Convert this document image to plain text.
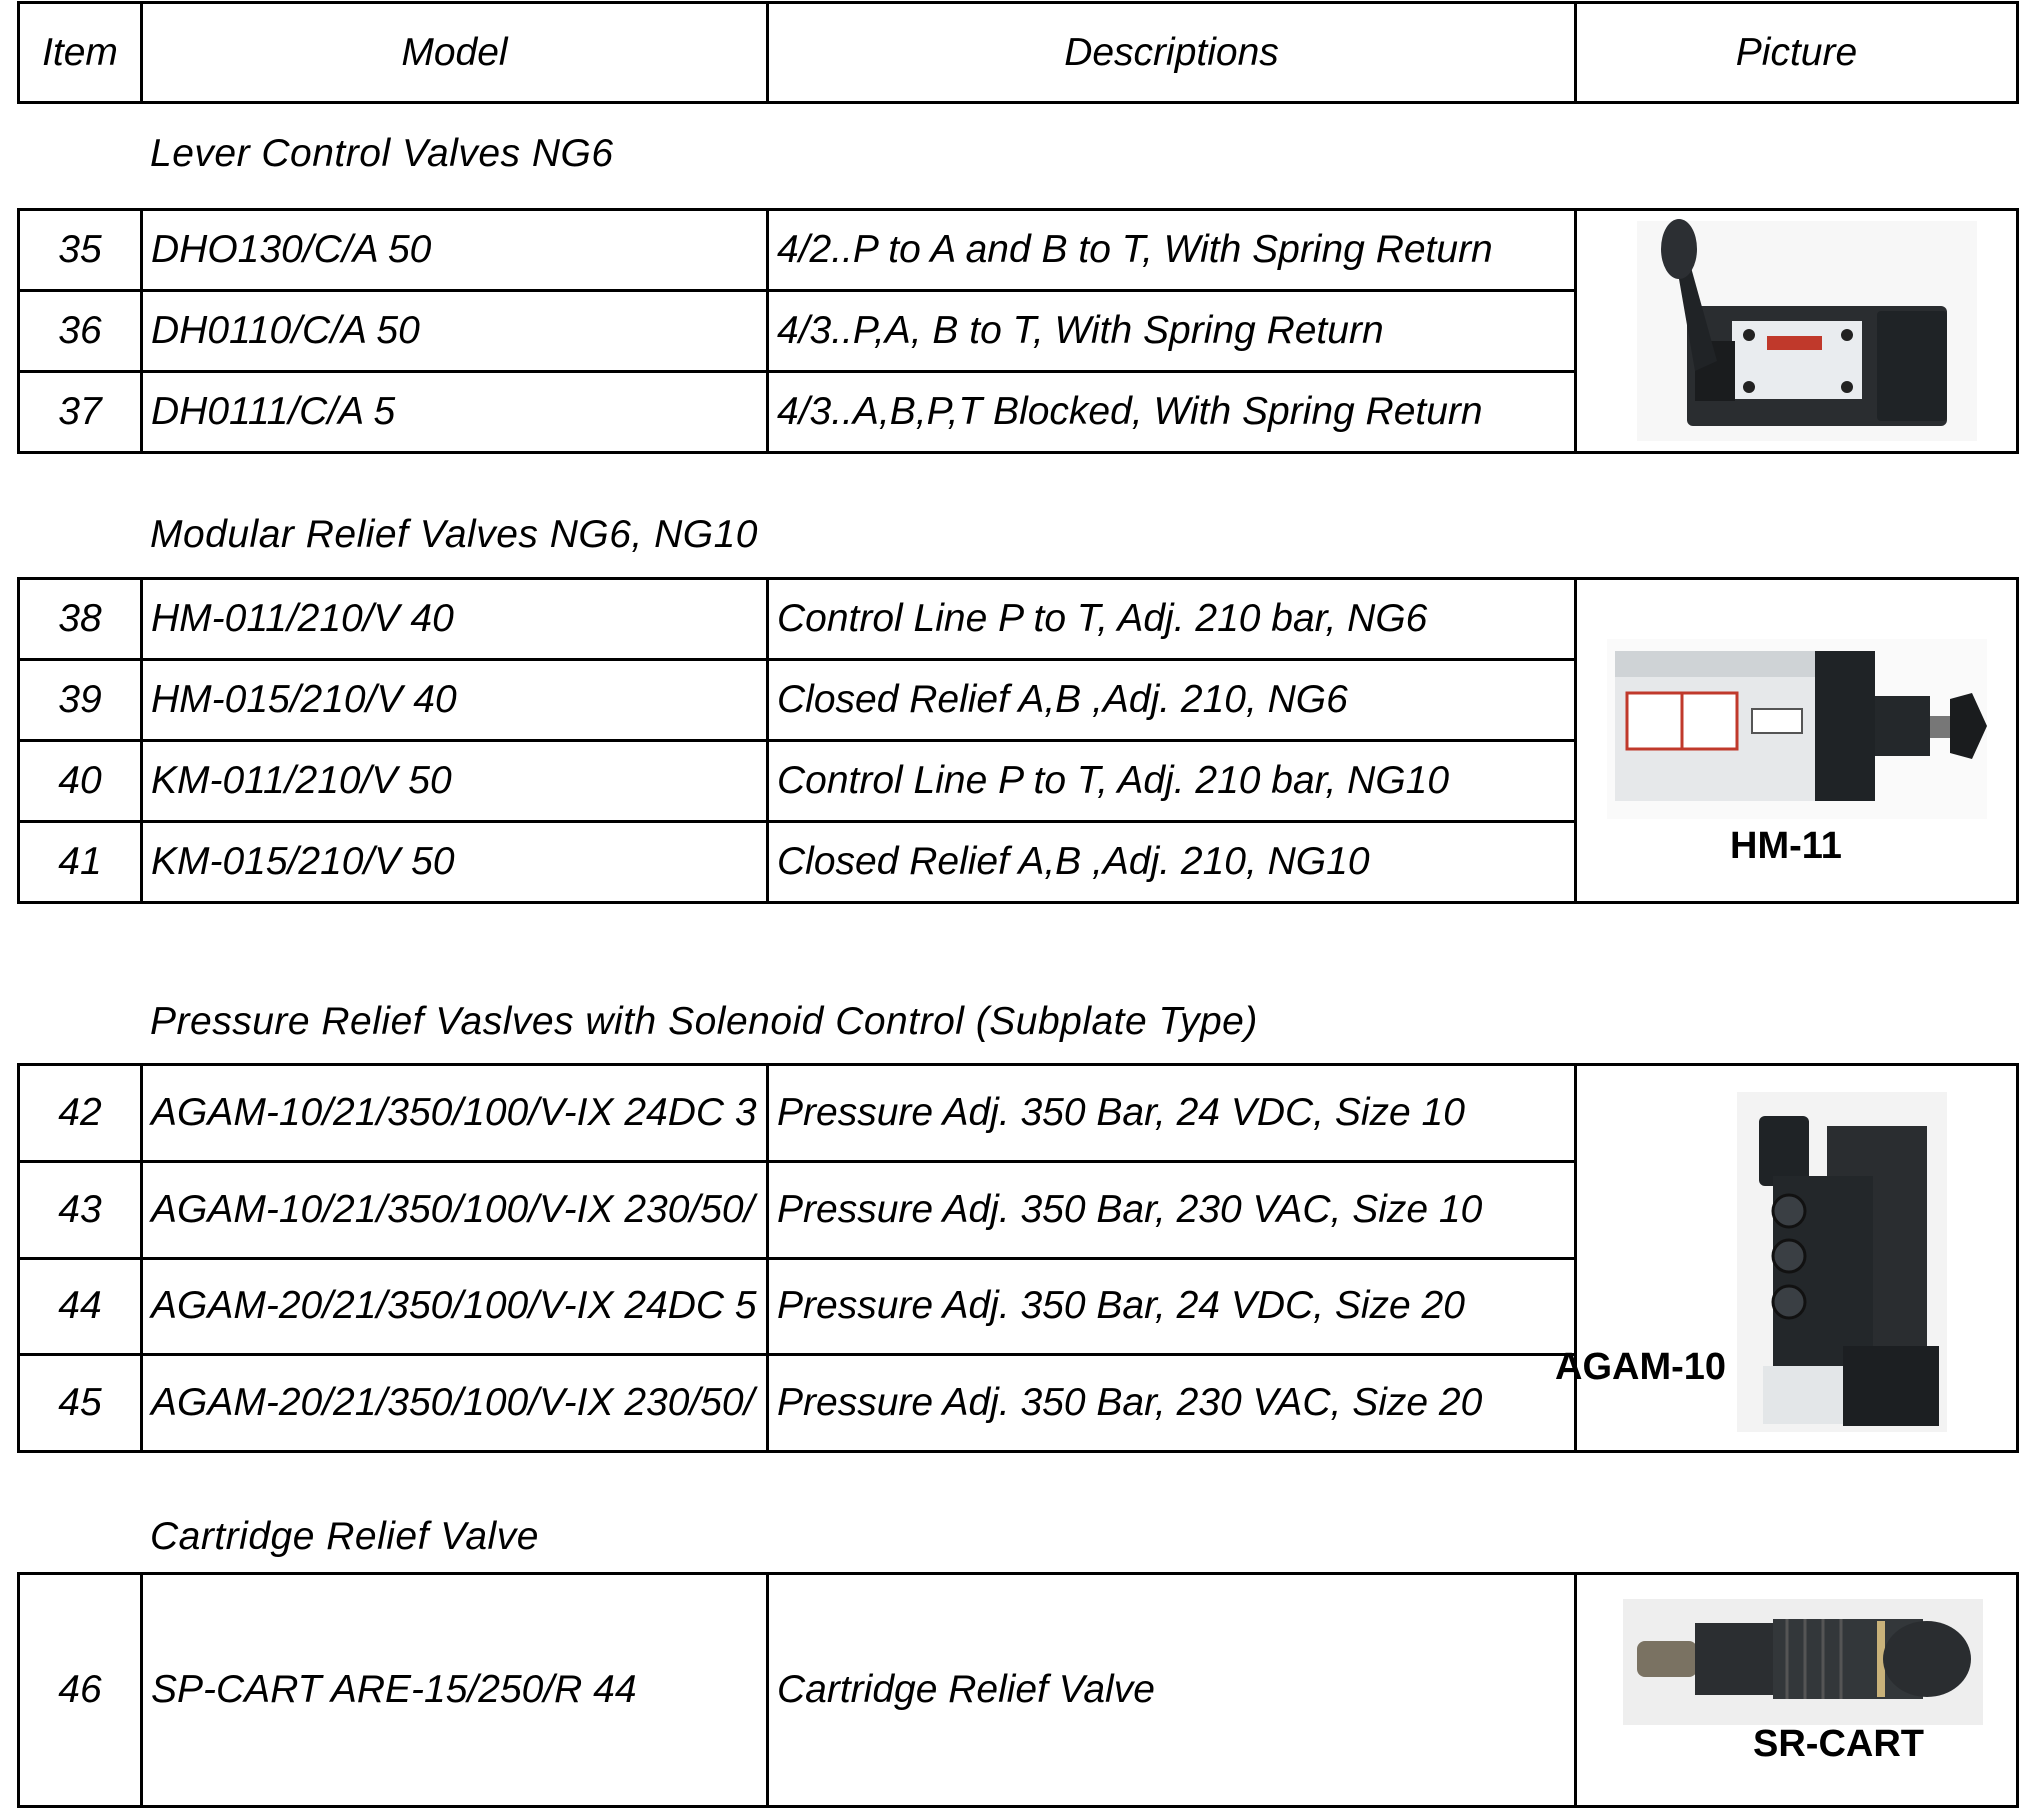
Item	Model	Descriptions	Picture
Lever Control Valves NG6
35	DHO130/C/A 50	4/2..P to A and B to T, With Spring Return	

36	DH0110/C/A 50	4/3..P,A, B to T, With Spring Return	
37	DH0111/C/A 5	4/3..A,B,P,T Blocked, With Spring Return	
Modular Relief Valves NG6, NG10
38	HM-011/210/V 40	Control Line P to T, Adj. 210 bar, NG6	HM-11

39	HM-015/210/V 40	Closed Relief A,B ,Adj. 210, NG6	
40	KM-011/210/V 50	Control Line P to T, Adj. 210 bar, NG10	
41	KM-015/210/V 50	Closed Relief A,B ,Adj. 210, NG10	
Pressure Relief Vaslves with Solenoid Control (Subplate Type)
42	AGAM-10/21/350/100/V-IX 24DC 3	Pressure Adj. 350 Bar, 24 VDC, Size 10	AGAM-10

43	AGAM-10/21/350/100/V-IX 230/50/	Pressure Adj. 350 Bar, 230 VAC, Size 10	
44	AGAM-20/21/350/100/V-IX 24DC 5	Pressure Adj. 350 Bar, 24 VDC, Size 20	
45	AGAM-20/21/350/100/V-IX 230/50/	Pressure Adj. 350 Bar, 230 VAC, Size 20	
Cartridge Relief Valve
46	SP-CART ARE-15/250/R 44	Cartridge Relief Valve	
SR-CART
